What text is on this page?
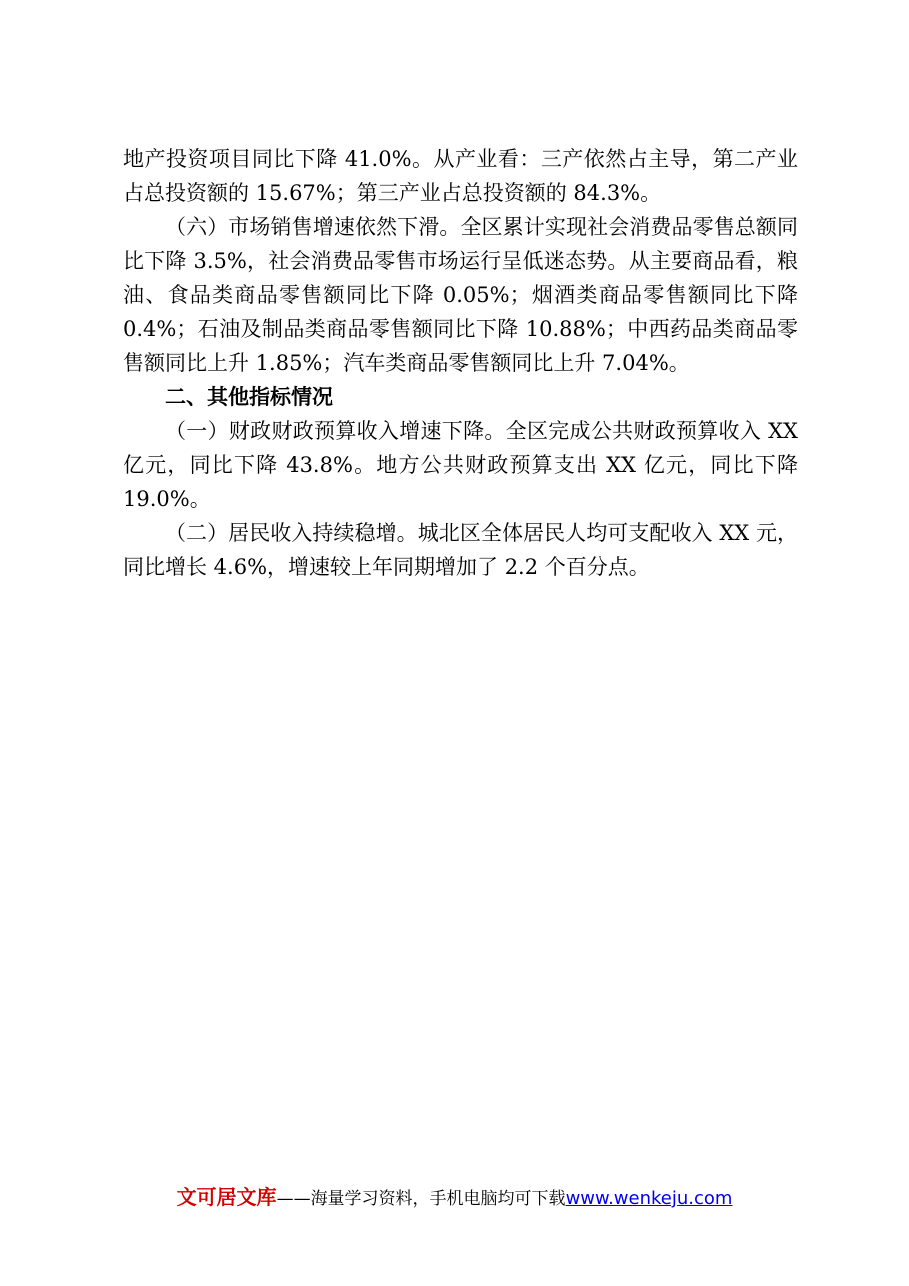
地产投资项目同比下降 41.0%。从产业看：三产依然占主导，第二产业占总投资额的 15.67%；第三产业占总投资额的 84.3%。

（六）市场销售增速依然下滑。全区累计实现社会消费品零售总额同比下降 3.5%，社会消费品零售市场运行呈低迷态势。从主要商品看，粮油、食品类商品零售额同比下降 0.05%；烟酒类商品零售额同比下降 0.4%；石油及制品类商品零售额同比下降 10.88%；中西药品类商品零售额同比上升 1.85%；汽车类商品零售额同比上升 7.04%。

二、其他指标情况

（一）财政财政预算收入增速下降。全区完成公共财政预算收入 XX 亿元，同比下降 43.8%。地方公共财政预算支出 XX 亿元，同比下降 19.0%。

（二）居民收入持续稳增。城北区全体居民人均可支配收入 XX 元，同比增长 4.6%，增速较上年同期增加了 2.2 个百分点。

文可居文库——海量学习资料，手机电脑均可下载www.wenkeju.com
